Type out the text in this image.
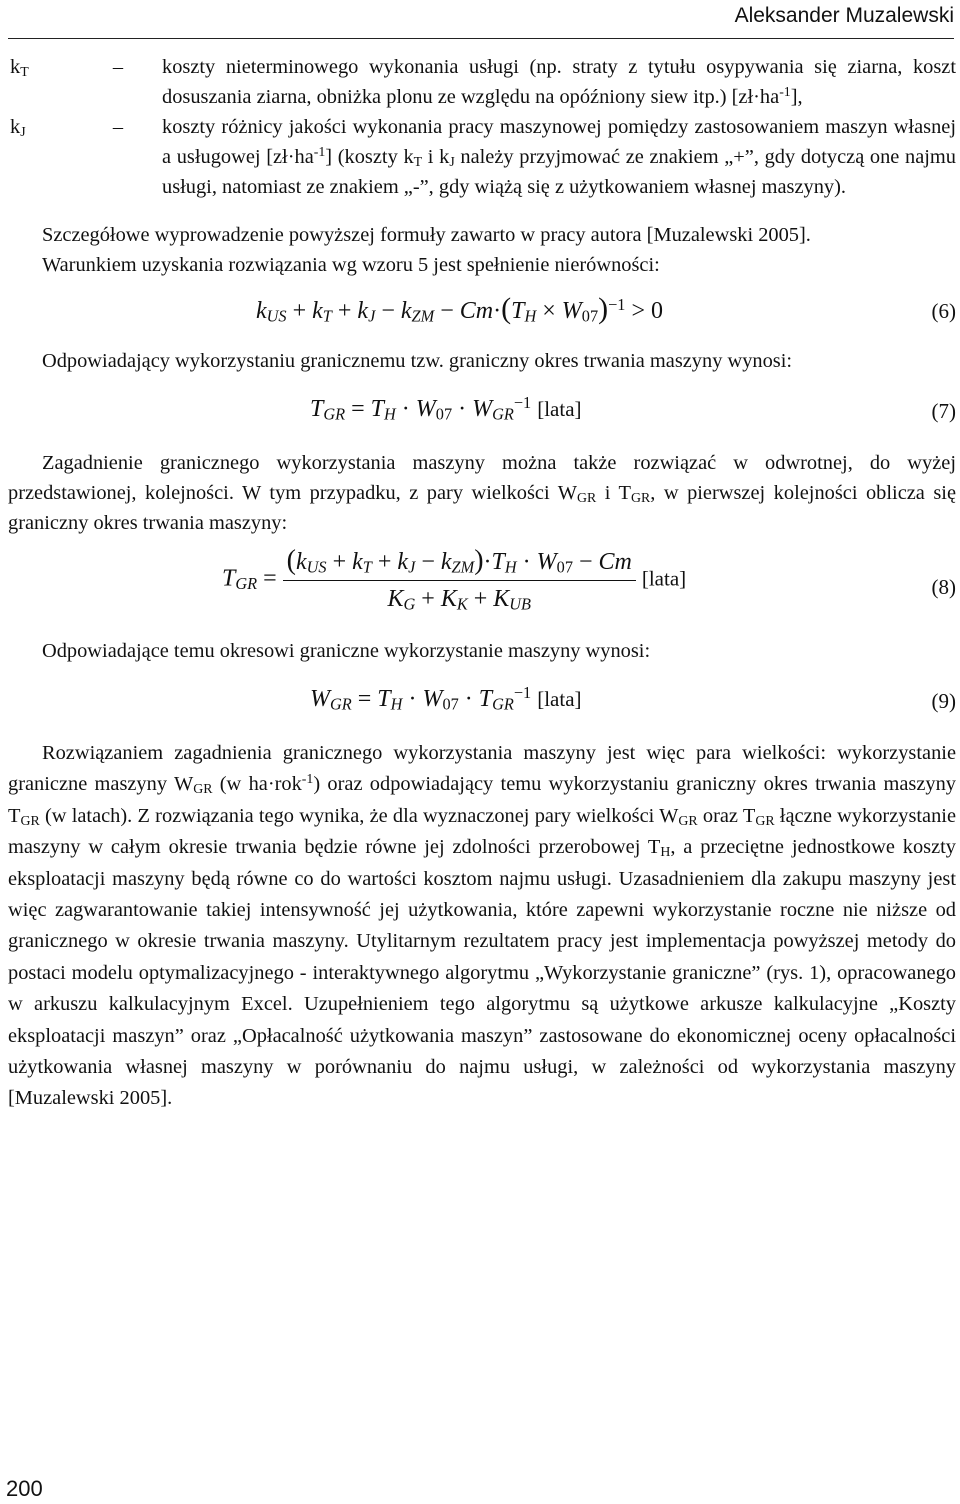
Aleksander Muzalewski
$k_T$	–	koszty nieterminowego wykonania usługi (np. straty z tytułu osypywania się ziarna, koszt dosuszania ziarna, obniżka plonu ze względu na opóźniony siew itp.) $[zł\cdot ha^{-1}]$,
$k_J$	–	koszty różnicy jakości wykonania pracy maszynowej pomiędzy zastosowaniem maszyn własnej a usługowej $[zł\cdot ha^{-1}]$ (koszty $k_T$ i $k_J$ należy przyjmować ze znakiem „+”, gdy dotyczą one najmu usługi, natomiast ze znakiem „-”, gdy wiążą się z użytkowaniem własnej maszyny).

Szczegółowe wyprowadzenie powyższej formuły zawarto w pracy autora [Muzalewski 2005].

Warunkiem uzyskania rozwiązania wg wzoru 5 jest spełnienie nierówności:

$k_{US} + k_T + k_J - k_{ZM} - Cm\cdot(T_H \times W_{07})^{-1} > 0$	(6)

Odpowiadający wykorzystaniu granicznemu tzw. graniczny okres trwania maszyny wynosi:

$T_{GR} = T_H \cdot W_{07} \cdot W_{GR}^{-1}$ [lata]	(7)

Zagadnienie granicznego wykorzystania maszyny można także rozwiązać w odwrotnej, do wyżej przedstawionej, kolejności. W tym przypadku, z pary wielkości $W_{GR}$ i $T_{GR}$, w pierwszej kolejności oblicza się graniczny okres trwania maszyny:

$T_{GR} = \frac{(k_{US} + k_T + k_J - k_{ZM})\cdot T_H \cdot W_{07} - Cm}{K_G + K_K + K_{UB}}$ [lata]	(8)

Odpowiadające temu okresowi graniczne wykorzystanie maszyny wynosi:

$W_{GR} = T_H \cdot W_{07} \cdot T_{GR}^{-1}$ [lata]	(9)

Rozwiązaniem zagadnienia granicznego wykorzystania maszyny jest więc para wielkości: wykorzystanie graniczne maszyny $W_{GR}$ (w ha·rok$^{-1}$) oraz odpowiadający temu wykorzystaniu graniczny okres trwania maszyny $T_{GR}$ (w latach). Z rozwiązania tego wynika, że dla wyznaczonej pary wielkości $W_{GR}$ oraz $T_{GR}$ łączne wykorzystanie maszyny w całym okresie trwania będzie równe jej zdolności przerobowej $T_H$, a przeciętne jednostkowe koszty eksploatacji maszyny będą równe co do wartości kosztom najmu usługi. Uzasadnieniem dla zakupu maszyny jest więc zagwarantowanie takiej intensywność jej użytkowania, które zapewni wykorzystanie roczne nie niższe od granicznego w okresie trwania maszyny. Utylitarnym rezultatem pracy jest implementacja powyższej metody do postaci modelu optymalizacyjnego - interaktywnego algorytmu „Wykorzystanie graniczne” (rys. 1), opracowanego w arkuszu kalkulacyjnym Excel. Uzupełnieniem tego algorytmu są użytkowe arkusze kalkulacyjne „Koszty eksploatacji maszyn” oraz „Opłacalność użytkowania maszyn” zastosowane do ekonomicznej oceny opłacalności użytkowania własnej maszyny w porównaniu do najmu usługi, w zależności od wykorzystania maszyny [Muzalewski 2005].

200
